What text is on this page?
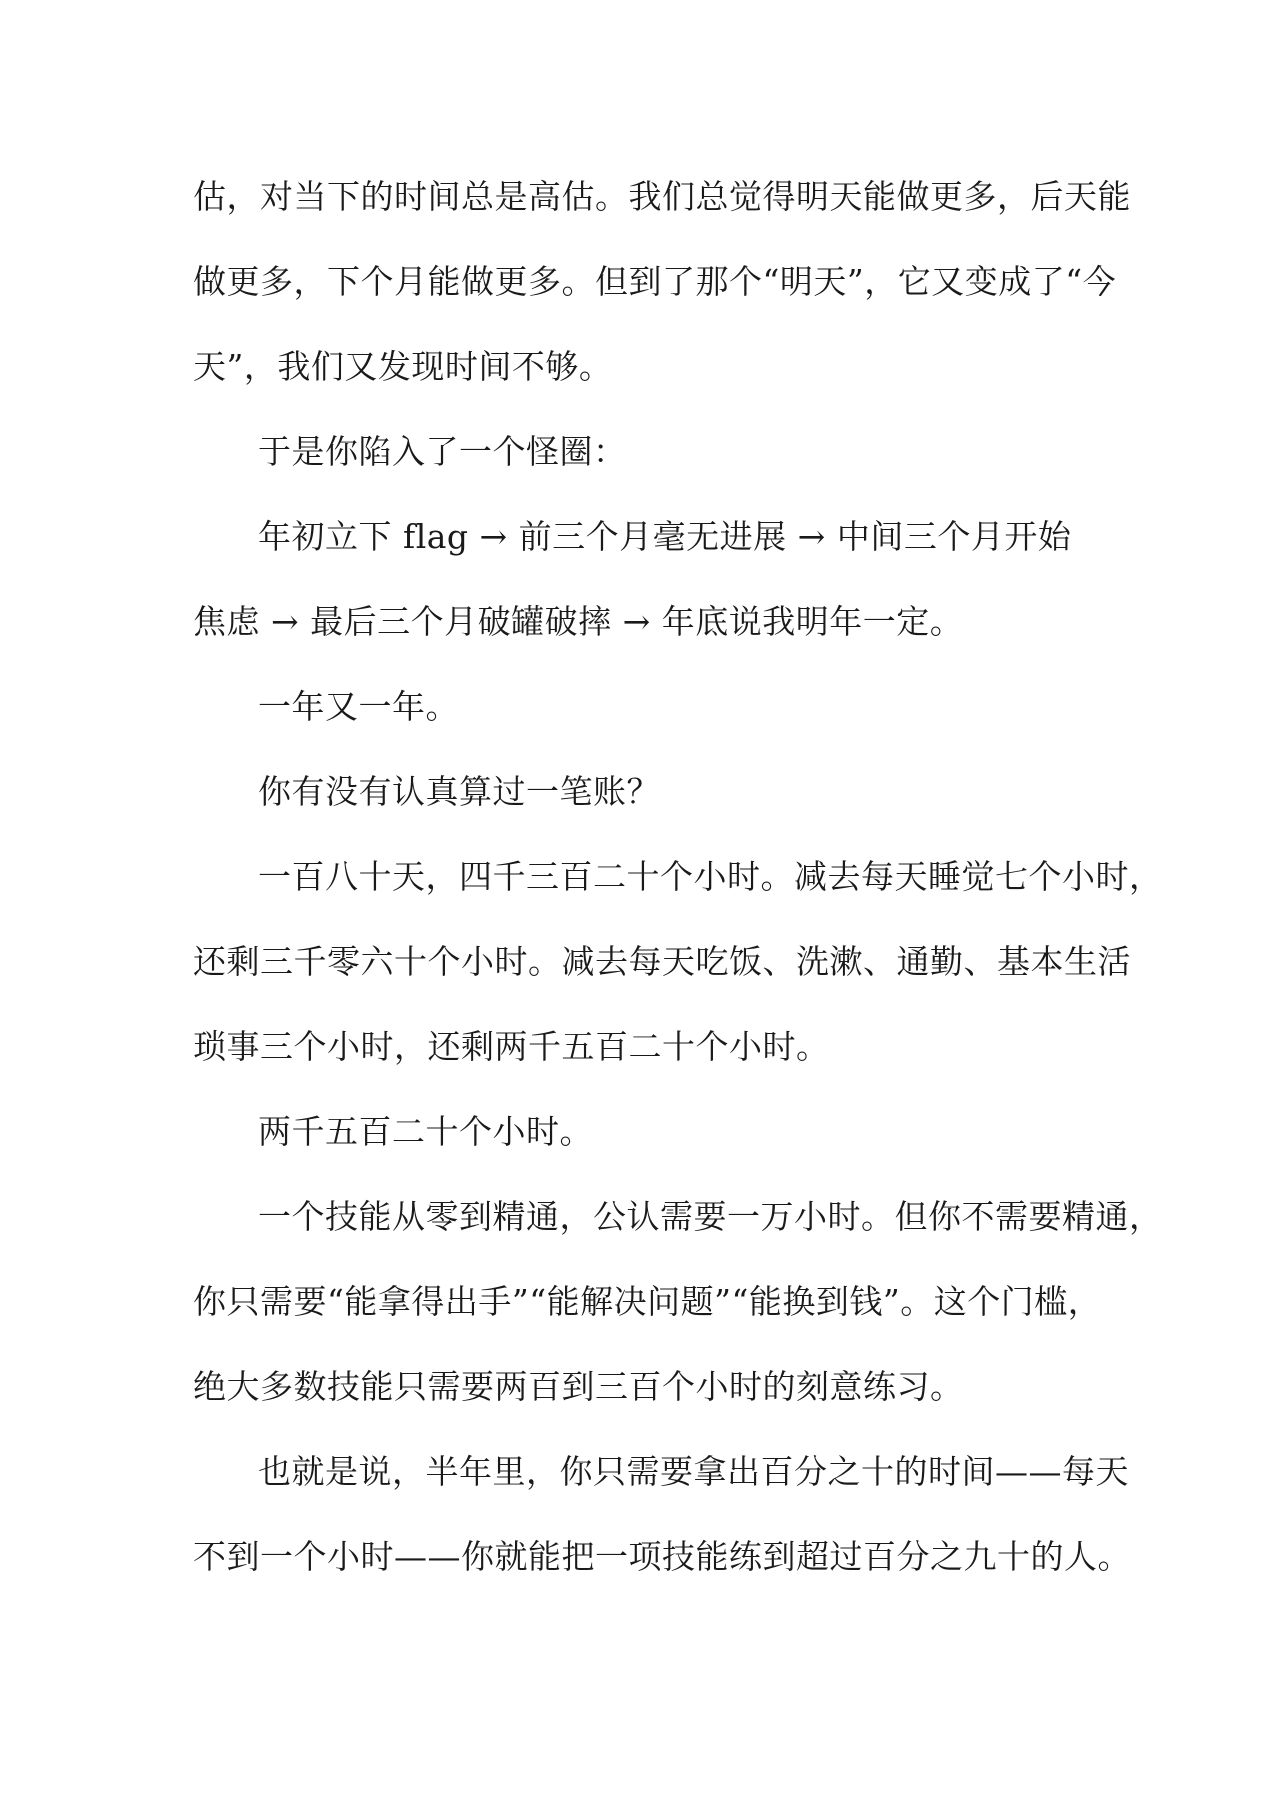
估，对当下的时间总是高估。我们总觉得明天能做更多，后天能
做更多，下个月能做更多。但到了那个“明天”，它又变成了“今
天”，我们又发现时间不够。
于是你陷入了一个怪圈：
年初立下 flag → 前三个月毫无进展 → 中间三个月开始
焦虑 → 最后三个月破罐破摔 → 年底说我明年一定。
一年又一年。
你有没有认真算过一笔账？
一百八十天，四千三百二十个小时。减去每天睡觉七个小时，
还剩三千零六十个小时。减去每天吃饭、洗漱、通勤、基本生活
琐事三个小时，还剩两千五百二十个小时。
两千五百二十个小时。
一个技能从零到精通，公认需要一万小时。但你不需要精通，
你只需要“能拿得出手”“能解决问题”“能换到钱”。这个门槛，
绝大多数技能只需要两百到三百个小时的刻意练习。
也就是说，半年里，你只需要拿出百分之十的时间——每天
不到一个小时——你就能把一项技能练到超过百分之九十的人。
